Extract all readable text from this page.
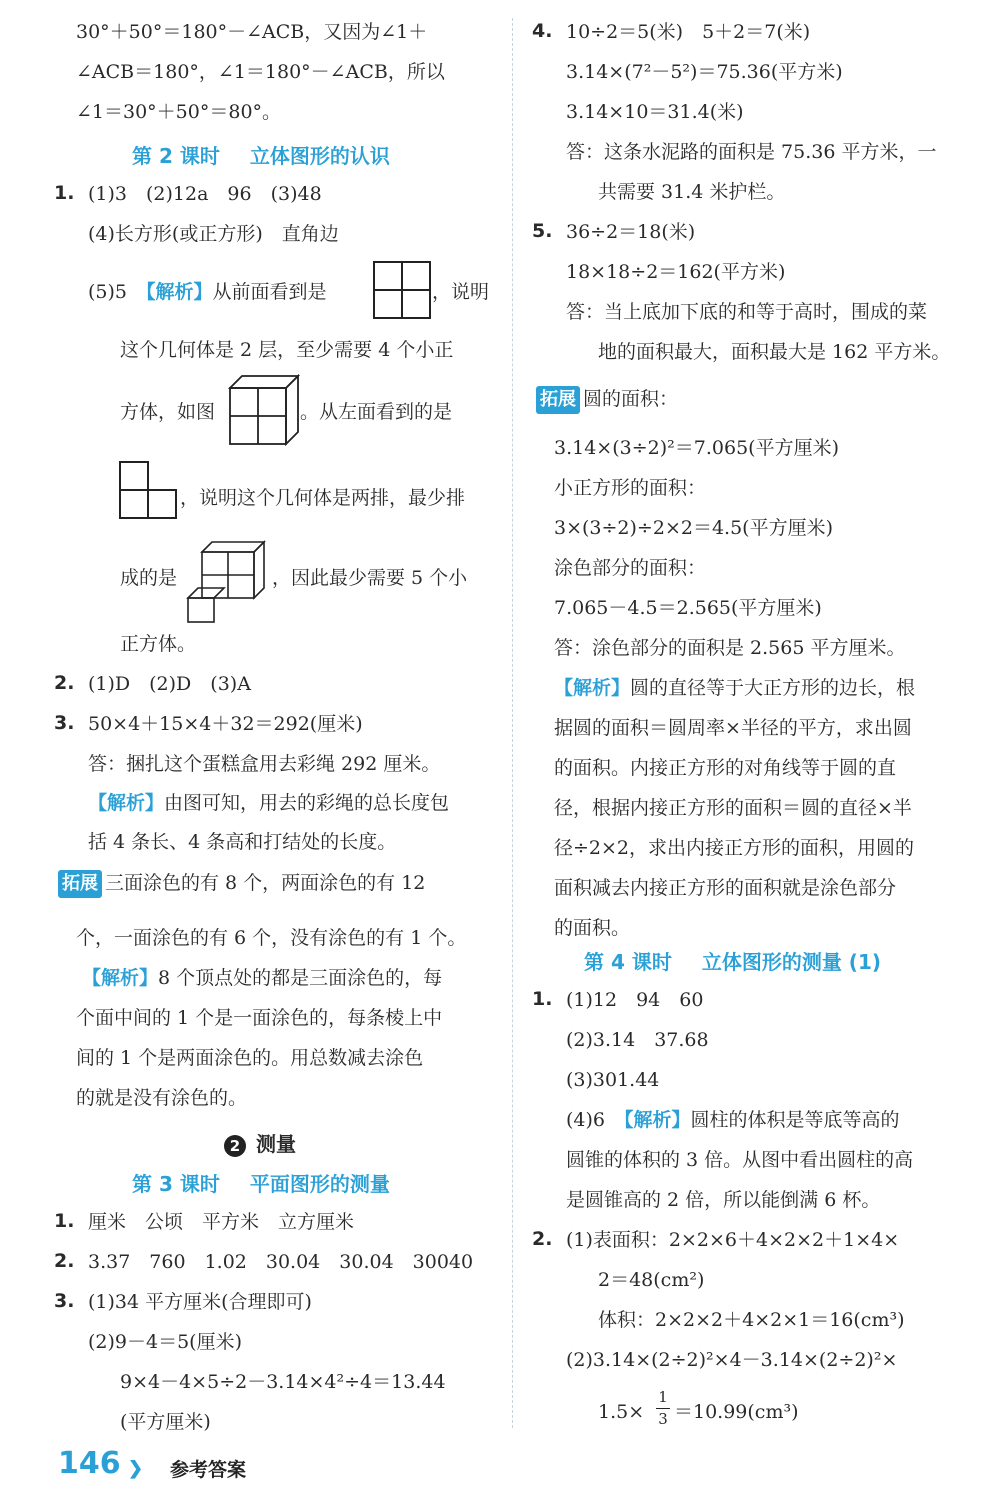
30°＋50°＝180°－∠ACB，又因为∠1＋
∠ACB＝180°，∠1＝180°－∠ACB，所以
∠1＝30°＋50°＝80°。
第 2 课时 立体图形的认识
1. (1)3　(2)12a　96　(3)48
(4)长方形(或正方形)　直角边
(5)5　【解析】从前面看到是	，说明
这个几何体是 2 层，至少需要 4 个小正
方体，如图	。从左面看到的是
，说明这个几何体是两排，最少排
成的是	，因此最少需要 5 个小
正方体。
2. (1)D　(2)D　(3)A
3. 50×4＋15×4＋32＝292(厘米)
答：捆扎这个蛋糕盒用去彩绳 292 厘米。
【解析】由图可知，用去的彩绳的总长度包
括 4 条长、4 条高和打结处的长度。
拓展 三面涂色的有 8 个，两面涂色的有 12
个，一面涂色的有 6 个，没有涂色的有 1 个。
【解析】8 个顶点处的都是三面涂色的，每
个面中间的 1 个是一面涂色的，每条棱上中
间的 1 个是两面涂色的。用总数减去涂色
的就是没有涂色的。
2 测量
第 3 课时 平面图形的测量
1. 厘米　公顷　平方米　立方厘米
2. 3.37　760　1.02　30.04　30.04　30040
3. (1)34 平方厘米(合理即可)
(2)9－4＝5(厘米)
9×4－4×5÷2－3.14×4²÷4＝13.44
(平方厘米)
4. 10÷2＝5(米)　5＋2＝7(米)
3.14×(7²－5²)＝75.36(平方米)
3.14×10＝31.4(米)
答：这条水泥路的面积是 75.36 平方米，一
共需要 31.4 米护栏。
5. 36÷2＝18(米)
18×18÷2＝162(平方米)
答：当上底加下底的和等于高时，围成的菜
地的面积最大，面积最大是 162 平方米。
拓展 圆的面积：
3.14×(3÷2)²＝7.065(平方厘米)
小正方形的面积：
3×(3÷2)÷2×2＝4.5(平方厘米)
涂色部分的面积：
7.065－4.5＝2.565(平方厘米)
答：涂色部分的面积是 2.565 平方厘米。
【解析】圆的直径等于大正方形的边长，根
据圆的面积＝圆周率×半径的平方，求出圆
的面积。内接正方形的对角线等于圆的直
径，根据内接正方形的面积＝圆的直径×半
径÷2×2，求出内接正方形的面积，用圆的
面积减去内接正方形的面积就是涂色部分
的面积。
第 4 课时 立体图形的测量 (1)
1. (1)12　94　60
(2)3.14　37.68
(3)301.44
(4)6　【解析】圆柱的体积是等底等高的
圆锥的体积的 3 倍。从图中看出圆柱的高
是圆锥高的 2 倍，所以能倒满 6 杯。
2. (1)表面积：2×2×6＋4×2×2＋1×4×
2＝48(cm²)
体积：2×2×2＋4×2×1＝16(cm³)
(2)3.14×(2÷2)²×4－3.14×(2÷2)²×
1.5×
1
3 ＝10.99(cm³)
146 ❯ 参考答案
